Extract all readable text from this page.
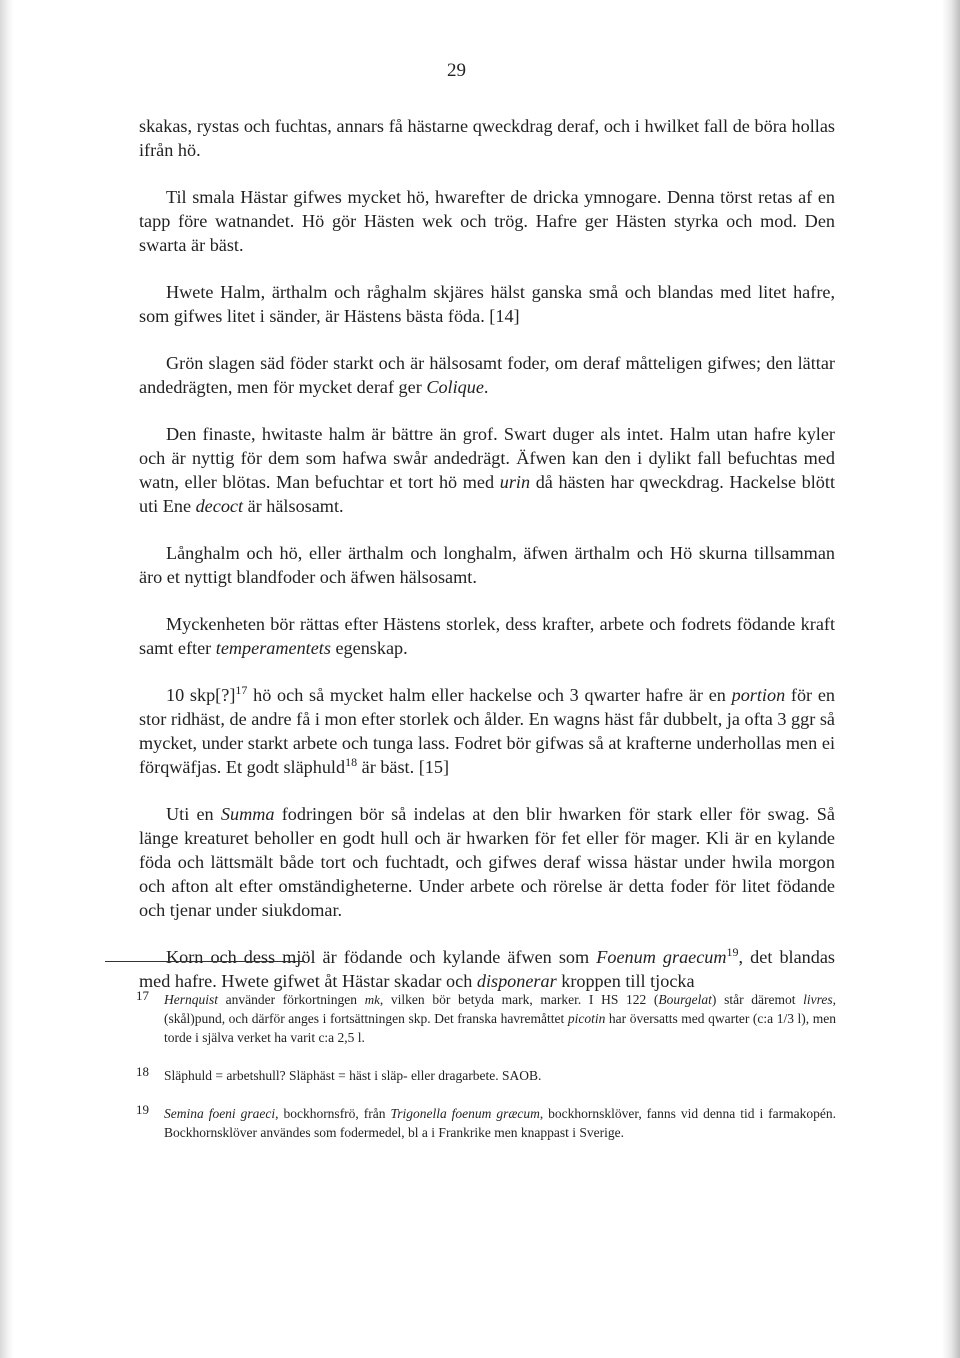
29

skakas, rystas och fuchtas, annars få hästarne qweckdrag deraf, och i hwilket fall de böra hollas ifrån hö.

Til smala Hästar gifwes mycket hö, hwarefter de dricka ymnogare. Denna törst retas af en tapp före watnandet. Hö gör Hästen wek och trög. Hafre ger Hästen styrka och mod. Den swarta är bäst.

Hwete Halm, ärthalm och råghalm skjäres hälst ganska små och blandas med litet hafre, som gifwes litet i sänder, är Hästens bästa föda. [14]

Grön slagen säd föder starkt och är hälsosamt foder, om deraf måtteligen gifwes; den lättar andedrägten, men för mycket deraf ger Colique.

Den finaste, hwitaste halm är bättre än grof. Swart duger als intet. Halm utan hafre kyler och är nyttig för dem som hafwa swår andedrägt. Äfwen kan den i dylikt fall befuchtas med watn, eller blötas. Man befuchtar et tort hö med urin då hästen har qweckdrag. Hackelse blött uti Ene decoct är hälsosamt.

Långhalm och hö, eller ärthalm och longhalm, äfwen ärthalm och Hö skurna tillsamman äro et nyttigt blandfoder och äfwen hälsosamt.

Myckenheten bör rättas efter Hästens storlek, dess krafter, arbete och fodrets födande kraft samt efter temperamentets egenskap.

10 skp[?]$^{17}$ hö och så mycket halm eller hackelse och 3 qwarter hafre är en portion för en stor ridhäst, de andre få i mon efter storlek och ålder. En wagns häst får dubbelt, ja ofta 3 ggr så mycket, under starkt arbete och tunga lass. Fodret bör gifwas så at krafterne underhollas men ei förqwäfjas. Et godt släphuld$^{18}$ är bäst. [15]

Uti en Summa fodringen bör så indelas at den blir hwarken för stark eller för swag. Så länge kreaturet beholler en godt hull och är hwarken för fet eller för mager. Kli är en kylande föda och lättsmält både tort och fuchtadt, och gifwes deraf wissa hästar under hwila morgon och afton alt efter omständigheterne. Under arbete och rörelse är detta foder för litet födande och tjenar under siukdomar.

Korn och dess mjöl är födande och kylande äfwen som Foenum graecum$^{19}$, det blandas med hafre. Hwete gifwet åt Hästar skadar och disponerar kroppen till tjocka

17 Hernquist använder förkortningen mk, vilken bör betyda mark, marker. I HS 122 (Bourgelat) står däremot livres, (skål)pund, och därför anges i fortsättningen skp. Det franska havremåttet picotin har översatts med qwarter (c:a 1/3 l), men torde i själva verket ha varit c:a 2,5 l.
18 Släphuld = arbetshull? Släphäst = häst i släp- eller dragarbete. SAOB.
19 Semina foeni graeci, bockhornsfrö, från Trigonella foenum græcum, bockhornsklöver, fanns vid denna tid i farmakopén. Bockhornsklöver användes som fodermedel, bl a i Frankrike men knappast i Sverige.
